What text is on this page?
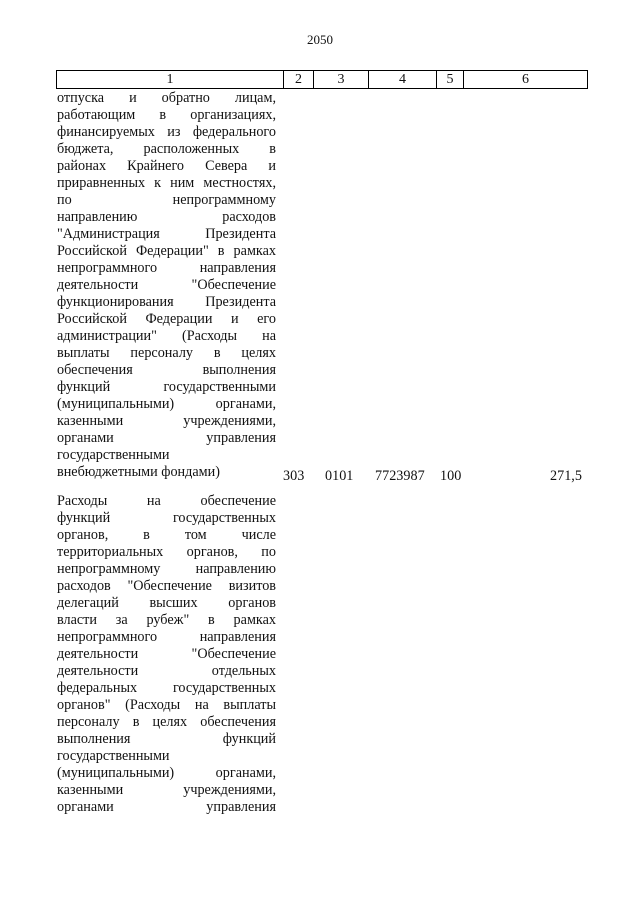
2050
1	2	3	4	5	6
отпуска и обратно лицам,
работающим в организациях,
финансируемых из федерального
бюджета, расположенных в
районах Крайнего Севера и
приравненных к ним местностях,
по непрограммному
направлению расходов
"Администрация Президента
Российской Федерации" в рамках
непрограммного направления
деятельности "Обеспечение
функционирования Президента
Российской Федерации и его
администрации" (Расходы на
выплаты персоналу в целях
обеспечения выполнения
функций государственными
(муниципальными) органами,
казенными учреждениями,
органами управления
государственными
внебюджетными фондами)	303 0101 7723987 100	271,5
Расходы на обеспечение
функций государственных
органов, в том числе
территориальных органов, по
непрограммному направлению
расходов "Обеспечение визитов
делегаций высших органов
власти за рубеж" в рамках
непрограммного направления
деятельности "Обеспечение
деятельности отдельных
федеральных государственных
органов" (Расходы на выплаты
персоналу в целях обеспечения
выполнения функций
государственными
(муниципальными) органами,
казенными учреждениями,
органами управления
